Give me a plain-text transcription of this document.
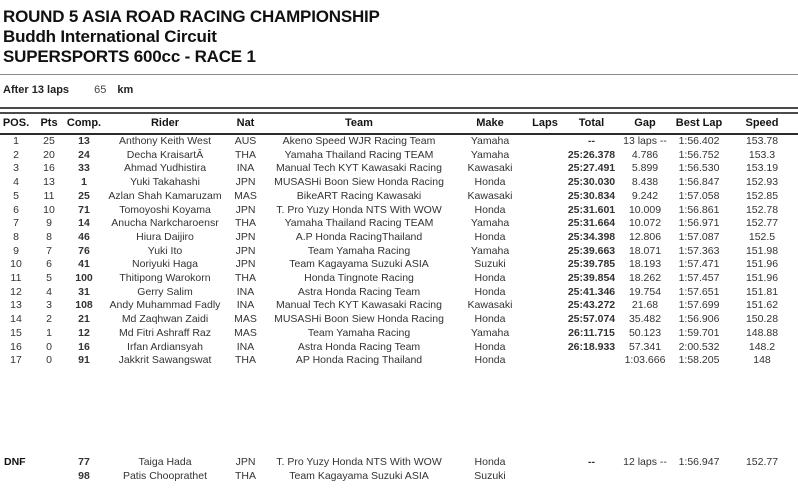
ROUND 5 ASIA ROAD RACING CHAMPIONSHIP
Buddh International Circuit
SUPERSPORTS 600cc - RACE 1
After 13 laps 65 km
POS.	Pts	Comp.	Rider	Nat	Team	Make	Laps	Total	Gap	Best Lap	Speed
1	25	13	Anthony Keith West	AUS	Akeno Speed WJR Racing Team	Yamaha		--	13 laps --	1:56.402	153.78
2	20	24	Decha KraisartÂ	THA	Yamaha Thailand Racing TEAM	Yamaha		25:26.378	4.786	1:56.752	153.3
3	16	33	Ahmad Yudhistira	INA	Manual Tech KYT Kawasaki Racing	Kawasaki		25:27.491	5.899	1:56.530	153.19
4	13	1	Yuki Takahashi	JPN	MUSASHi Boon Siew Honda Racing	Honda		25:30.030	8.438	1:56.847	152.93
5	11	25	Azlan Shah Kamaruzam	MAS	BikeART Racing Kawasaki	Kawasaki		25:30.834	9.242	1:57.058	152.85
6	10	71	Tomoyoshi Koyama	JPN	T. Pro Yuzy Honda NTS With WOW	Honda		25:31.601	10.009	1:56.861	152.78
7	9	14	Anucha Narkcharoensr	THA	Yamaha Thailand Racing TEAM	Yamaha		25:31.664	10.072	1:56.971	152.77
8	8	46	Hiura Daijiro	JPN	A.P Honda RacingThailand	Honda		25:34.398	12.806	1:57.087	152.5
9	7	76	Yuki Ito	JPN	Team Yamaha Racing	Yamaha		25:39.663	18.071	1:57.363	151.98
10	6	41	Noriyuki Haga	JPN	Team Kagayama Suzuki ASIA	Suzuki		25:39.785	18.193	1:57.471	151.96
11	5	100	Thitipong Warokorn	THA	Honda Tingnote Racing	Honda		25:39.854	18.262	1:57.457	151.96
12	4	31	Gerry Salim	INA	Astra Honda Racing Team	Honda		25:41.346	19.754	1:57.651	151.81
13	3	108	Andy Muhammad Fadly	INA	Manual Tech KYT Kawasaki Racing	Kawasaki		25:43.272	21.68	1:57.699	151.62
14	2	21	Md Zaqhwan Zaidi	MAS	MUSASHi Boon Siew Honda Racing	Honda		25:57.074	35.482	1:56.906	150.28
15	1	12	Md Fitri Ashraff Raz	MAS	Team Yamaha Racing	Yamaha		26:11.715	50.123	1:59.701	148.88
16	0	16	Irfan Ardiansyah	INA	Astra Honda Racing Team	Honda		26:18.933	57.341	2:00.532	148.2
17	0	91	Jakkrit Sawangswat	THA	AP Honda Racing Thailand	Honda			1:03.666	1:58.205	148
DNF		77	Taiga Hada	JPN	T. Pro Yuzy Honda NTS With WOW	Honda		--	12 laps --	1:56.947	152.77
		98	Patis Chooprathet	THA	Team Kagayama Suzuki ASIA	Suzuki					
